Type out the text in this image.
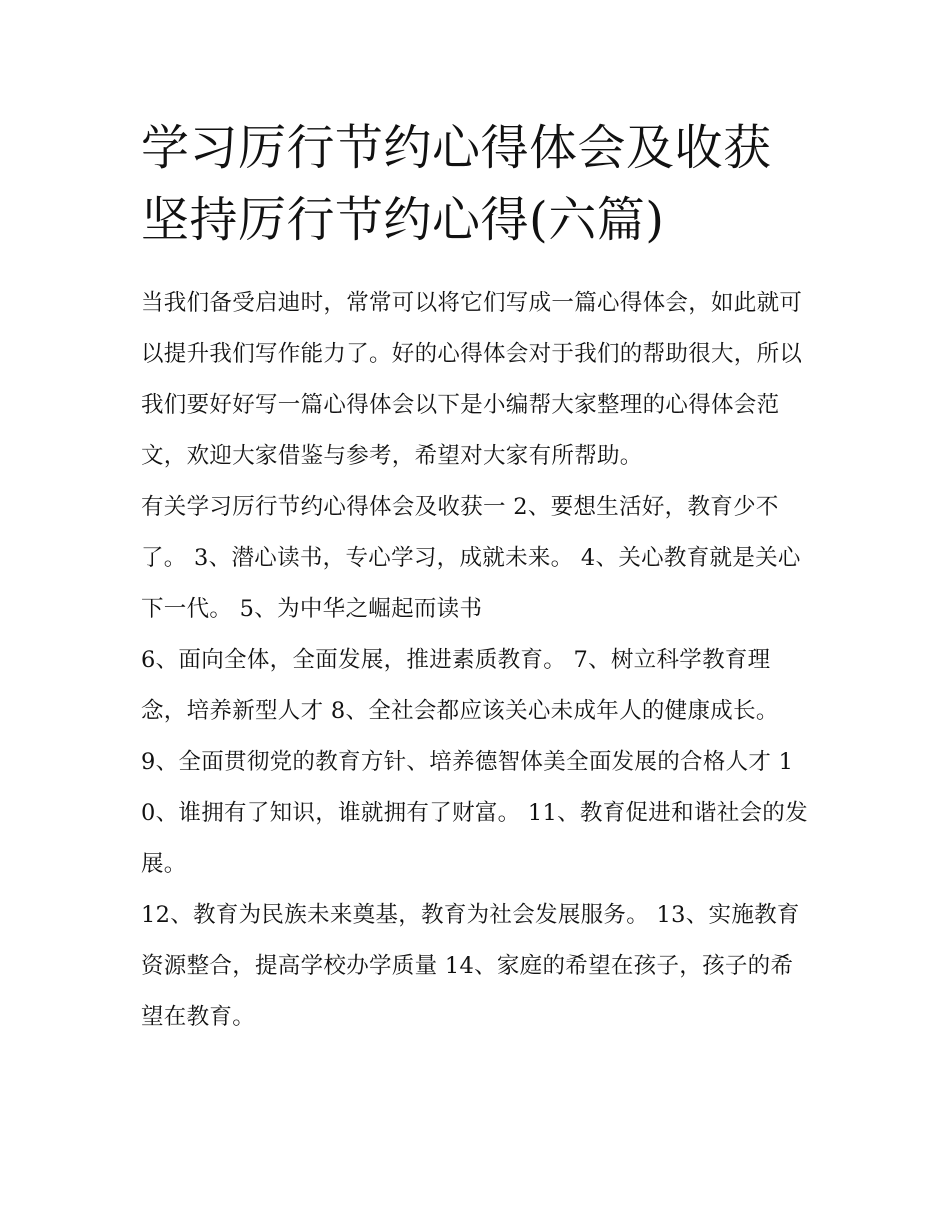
学习厉行节约心得体会及收获
坚持厉行节约心得(六篇)

当我们备受启迪时，常常可以将它们写成一篇心得体会，如此就可以提升我们写作能力了。好的心得体会对于我们的帮助很大，所以我们要好好写一篇心得体会以下是小编帮大家整理的心得体会范文，欢迎大家借鉴与参考，希望对大家有所帮助。

有关学习厉行节约心得体会及收获一 2、要想生活好，教育少不了。 3、潜心读书，专心学习，成就未来。 4、关心教育就是关心下一代。 5、为中华之崛起而读书

6、面向全体，全面发展，推进素质教育。 7、树立科学教育理念，培养新型人才 8、全社会都应该关心未成年人的健康成长。

9、全面贯彻党的教育方针、培养德智体美全面发展的合格人才 10、谁拥有了知识，谁就拥有了财富。 11、教育促进和谐社会的发展。

12、教育为民族未来奠基，教育为社会发展服务。 13、实施教育资源整合，提高学校办学质量 14、家庭的希望在孩子，孩子的希望在教育。
